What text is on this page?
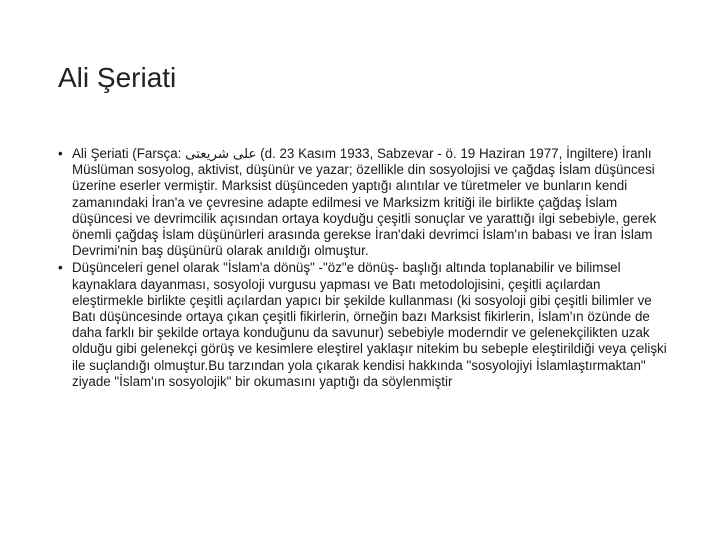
Ali Şeriati
• Ali Şeriati (Farsça: علی شریعتی (d. 23 Kasım 1933, Sabzevar - ö. 19 Haziran 1977, İngiltere) İranlı Müslüman sosyolog, aktivist, düşünür ve yazar; özellikle din sosyolojisi ve çağdaş İslam düşüncesi üzerine eserler vermiştir. Marksist düşünceden yaptığı alıntılar ve türetmeler ve bunların kendi zamanındaki İran'a ve çevresine adapte edilmesi ve Marksizm kritiği ile birlikte çağdaş İslam düşüncesi ve devrimcilik açısından ortaya koyduğu çeşitli sonuçlar ve yarattığı ilgi sebebiyle, gerek önemli çağdaş İslam düşünürleri arasında gerekse İran'daki devrimci İslam'ın babası ve İran İslam Devrimi'nin baş düşünürü olarak anıldığı olmuştur.
• Düşünceleri genel olarak "İslam'a dönüş" -"öz"e dönüş- başlığı altında toplanabilir ve bilimsel kaynaklara dayanması, sosyoloji vurgusu yapması ve Batı metodolojisini, çeşitli açılardan eleştirmekle birlikte çeşitli açılardan yapıcı bir şekilde kullanması (ki sosyoloji gibi çeşitli bilimler ve Batı düşüncesinde ortaya çıkan çeşitli fikirlerin, örneğin bazı Marksist fikirlerin, İslam'ın özünde de daha farklı bir şekilde ortaya konduğunu da savunur) sebebiyle moderndir ve gelenekçilikten uzak olduğu gibi gelenekçi görüş ve kesimlere eleştirel yaklaşır nitekim bu sebeple eleştirildiği veya çelişki ile suçlandığı olmuştur.Bu tarzından yola çıkarak kendisi hakkında "sosyolojiyi İslamlaştırmaktan" ziyade "İslam'ın sosyolojik" bir okumasını yaptığı da söylenmiştir
